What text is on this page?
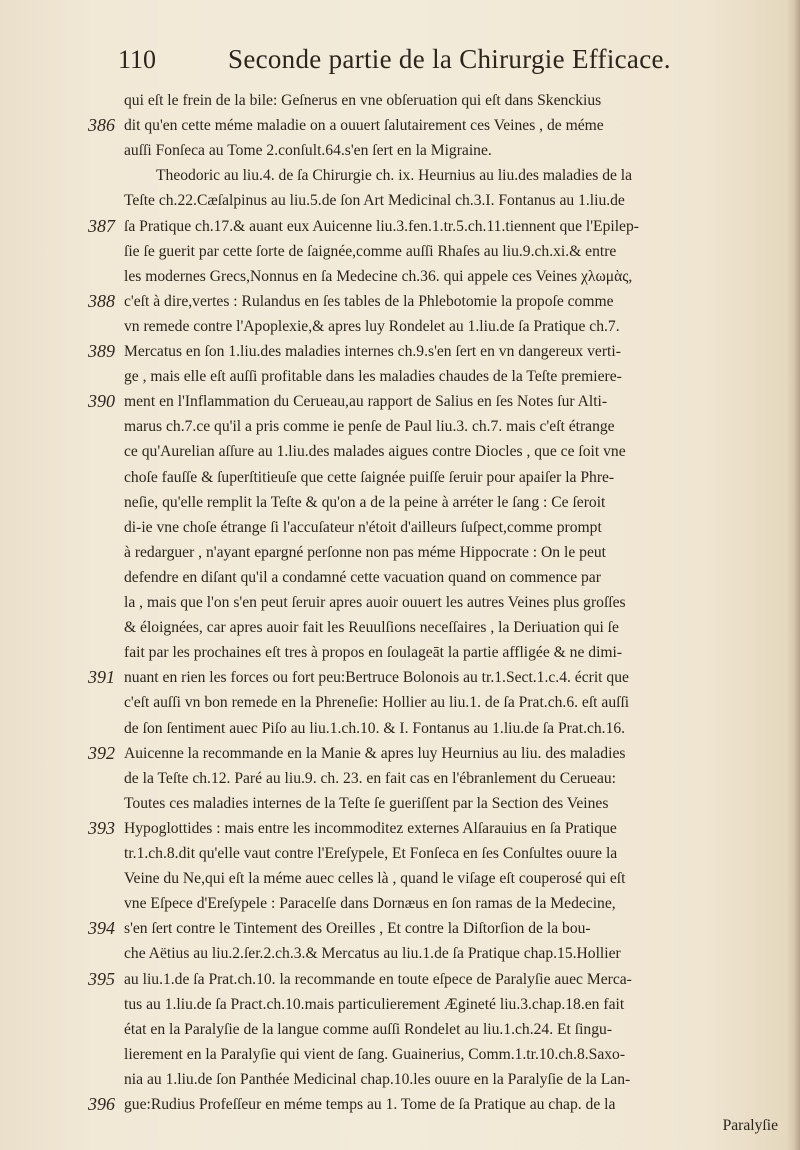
110	Seconde partie de la Chirurgie Efficace.
qui eſt le frein de la bile: Geſnerus en vne obſeruation qui eſt dans Skenckius
386 dit qu'en cette méme maladie on a ouuert ſalutairement ces Veines , de méme
auſſi Fonſeca au Tome 2.conſult.64.s'en ſert en la Migraine.
Theodoric au liu.4. de ſa Chirurgie ch. ix. Heurnius au liu.des maladies de la
Teſte ch.22.Cæſalpinus au liu.5.de ſon Art Medicinal ch.3.I. Fontanus au 1.liu.de
387 ſa Pratique ch.17.& auant eux Auicenne liu.3.fen.1.tr.5.ch.11.tiennent que l'Epilep-
ſie ſe guerit par cette ſorte de ſaignée,comme auſſi Rhaſes au liu.9.ch.xi.& entre
les modernes Grecs,Nonnus en ſa Medecine ch.36. qui appele ces Veines χλωμὰς,
388 c'eſt à dire,vertes : Rulandus en ſes tables de la Phlebotomie la propoſe comme
vn remede contre l'Apoplexie,& apres luy Rondelet au 1.liu.de ſa Pratique ch.7.
389 Mercatus en ſon 1.liu.des maladies internes ch.9.s'en ſert en vn dangereux verti-
ge , mais elle eſt auſſi profitable dans les maladies chaudes de la Teſte premiere-
390 ment en l'Inflammation du Cerueau,au rapport de Salius en ſes Notes ſur Alti-
marus ch.7.ce qu'il a pris comme ie penſe de Paul liu.3. ch.7. mais c'eſt étrange
ce qu'Aurelian aſſure au 1.liu.des malades aigues contre Diocles , que ce ſoit vne
choſe fauſſe & ſuperſtitieuſe que cette ſaignée puiſſe ſeruir pour apaiſer la Phre-
neſie, qu'elle remplit la Teſte & qu'on a de la peine à arréter le ſang : Ce ſeroit
di-ie vne choſe étrange ſi l'accuſateur n'étoit d'ailleurs ſuſpect,comme prompt
à redarguer , n'ayant epargné perſonne non pas méme Hippocrate : On le peut
defendre en diſant qu'il a condamné cette vacuation quand on commence par
la , mais que l'on s'en peut ſeruir apres auoir ouuert les autres Veines plus groſſes
& éloignées, car apres auoir fait les Reuulſions neceſſaires , la Deriuation qui ſe
fait par les prochaines eſt tres à propos en ſoulageāt la partie affligée & ne dimi-
391 nuant en rien les forces ou fort peu:Bertruce Bolonois au tr.1.Sect.1.c.4. écrit que
c'eſt auſſi vn bon remede en la Phreneſie: Hollier au liu.1. de ſa Prat.ch.6. eſt auſſi
de ſon ſentiment auec Piſo au liu.1.ch.10. & I. Fontanus au 1.liu.de ſa Prat.ch.16.
392 Auicenne la recommande en la Manie & apres luy Heurnius au liu. des maladies
de la Teſte ch.12. Paré au liu.9. ch. 23. en fait cas en l'ébranlement du Cerueau:
Toutes ces maladies internes de la Teſte ſe gueriſſent par la Section des Veines
393 Hypoglottides : mais entre les incommoditez externes Alſarauius en ſa Pratique
tr.1.ch.8.dit qu'elle vaut contre l'Ereſypele, Et Fonſeca en ſes Conſultes ouure la
Veine du Ne,qui eſt la méme auec celles là , quand le viſage eſt couperosé qui eſt
vne Eſpece d'Ereſypele : Paracelſe dans Dornæus en ſon ramas de la Medecine,
394 s'en ſert contre le Tintement des Oreilles , Et contre la Diſtorſion de la bou-
che Aëtius au liu.2.ſer.2.ch.3.& Mercatus au liu.1.de ſa Pratique chap.15.Hollier
395 au liu.1.de ſa Prat.ch.10. la recommande en toute eſpece de Paralyſie auec Merca-
tus au 1.liu.de ſa Pract.ch.10.mais particulierement Ægineté liu.3.chap.18.en fait
état en la Paralyſie de la langue comme auſſi Rondelet au liu.1.ch.24. Et ſingu-
lierement en la Paralyſie qui vient de ſang. Guainerius, Comm.1.tr.10.ch.8.Saxo-
nia au 1.liu.de ſon Panthée Medicinal chap.10.les ouure en la Paralyſie de la Lan-
396 gue:Rudius Profeſſeur en méme temps au 1. Tome de ſa Pratique au chap. de la
Paralyſie
